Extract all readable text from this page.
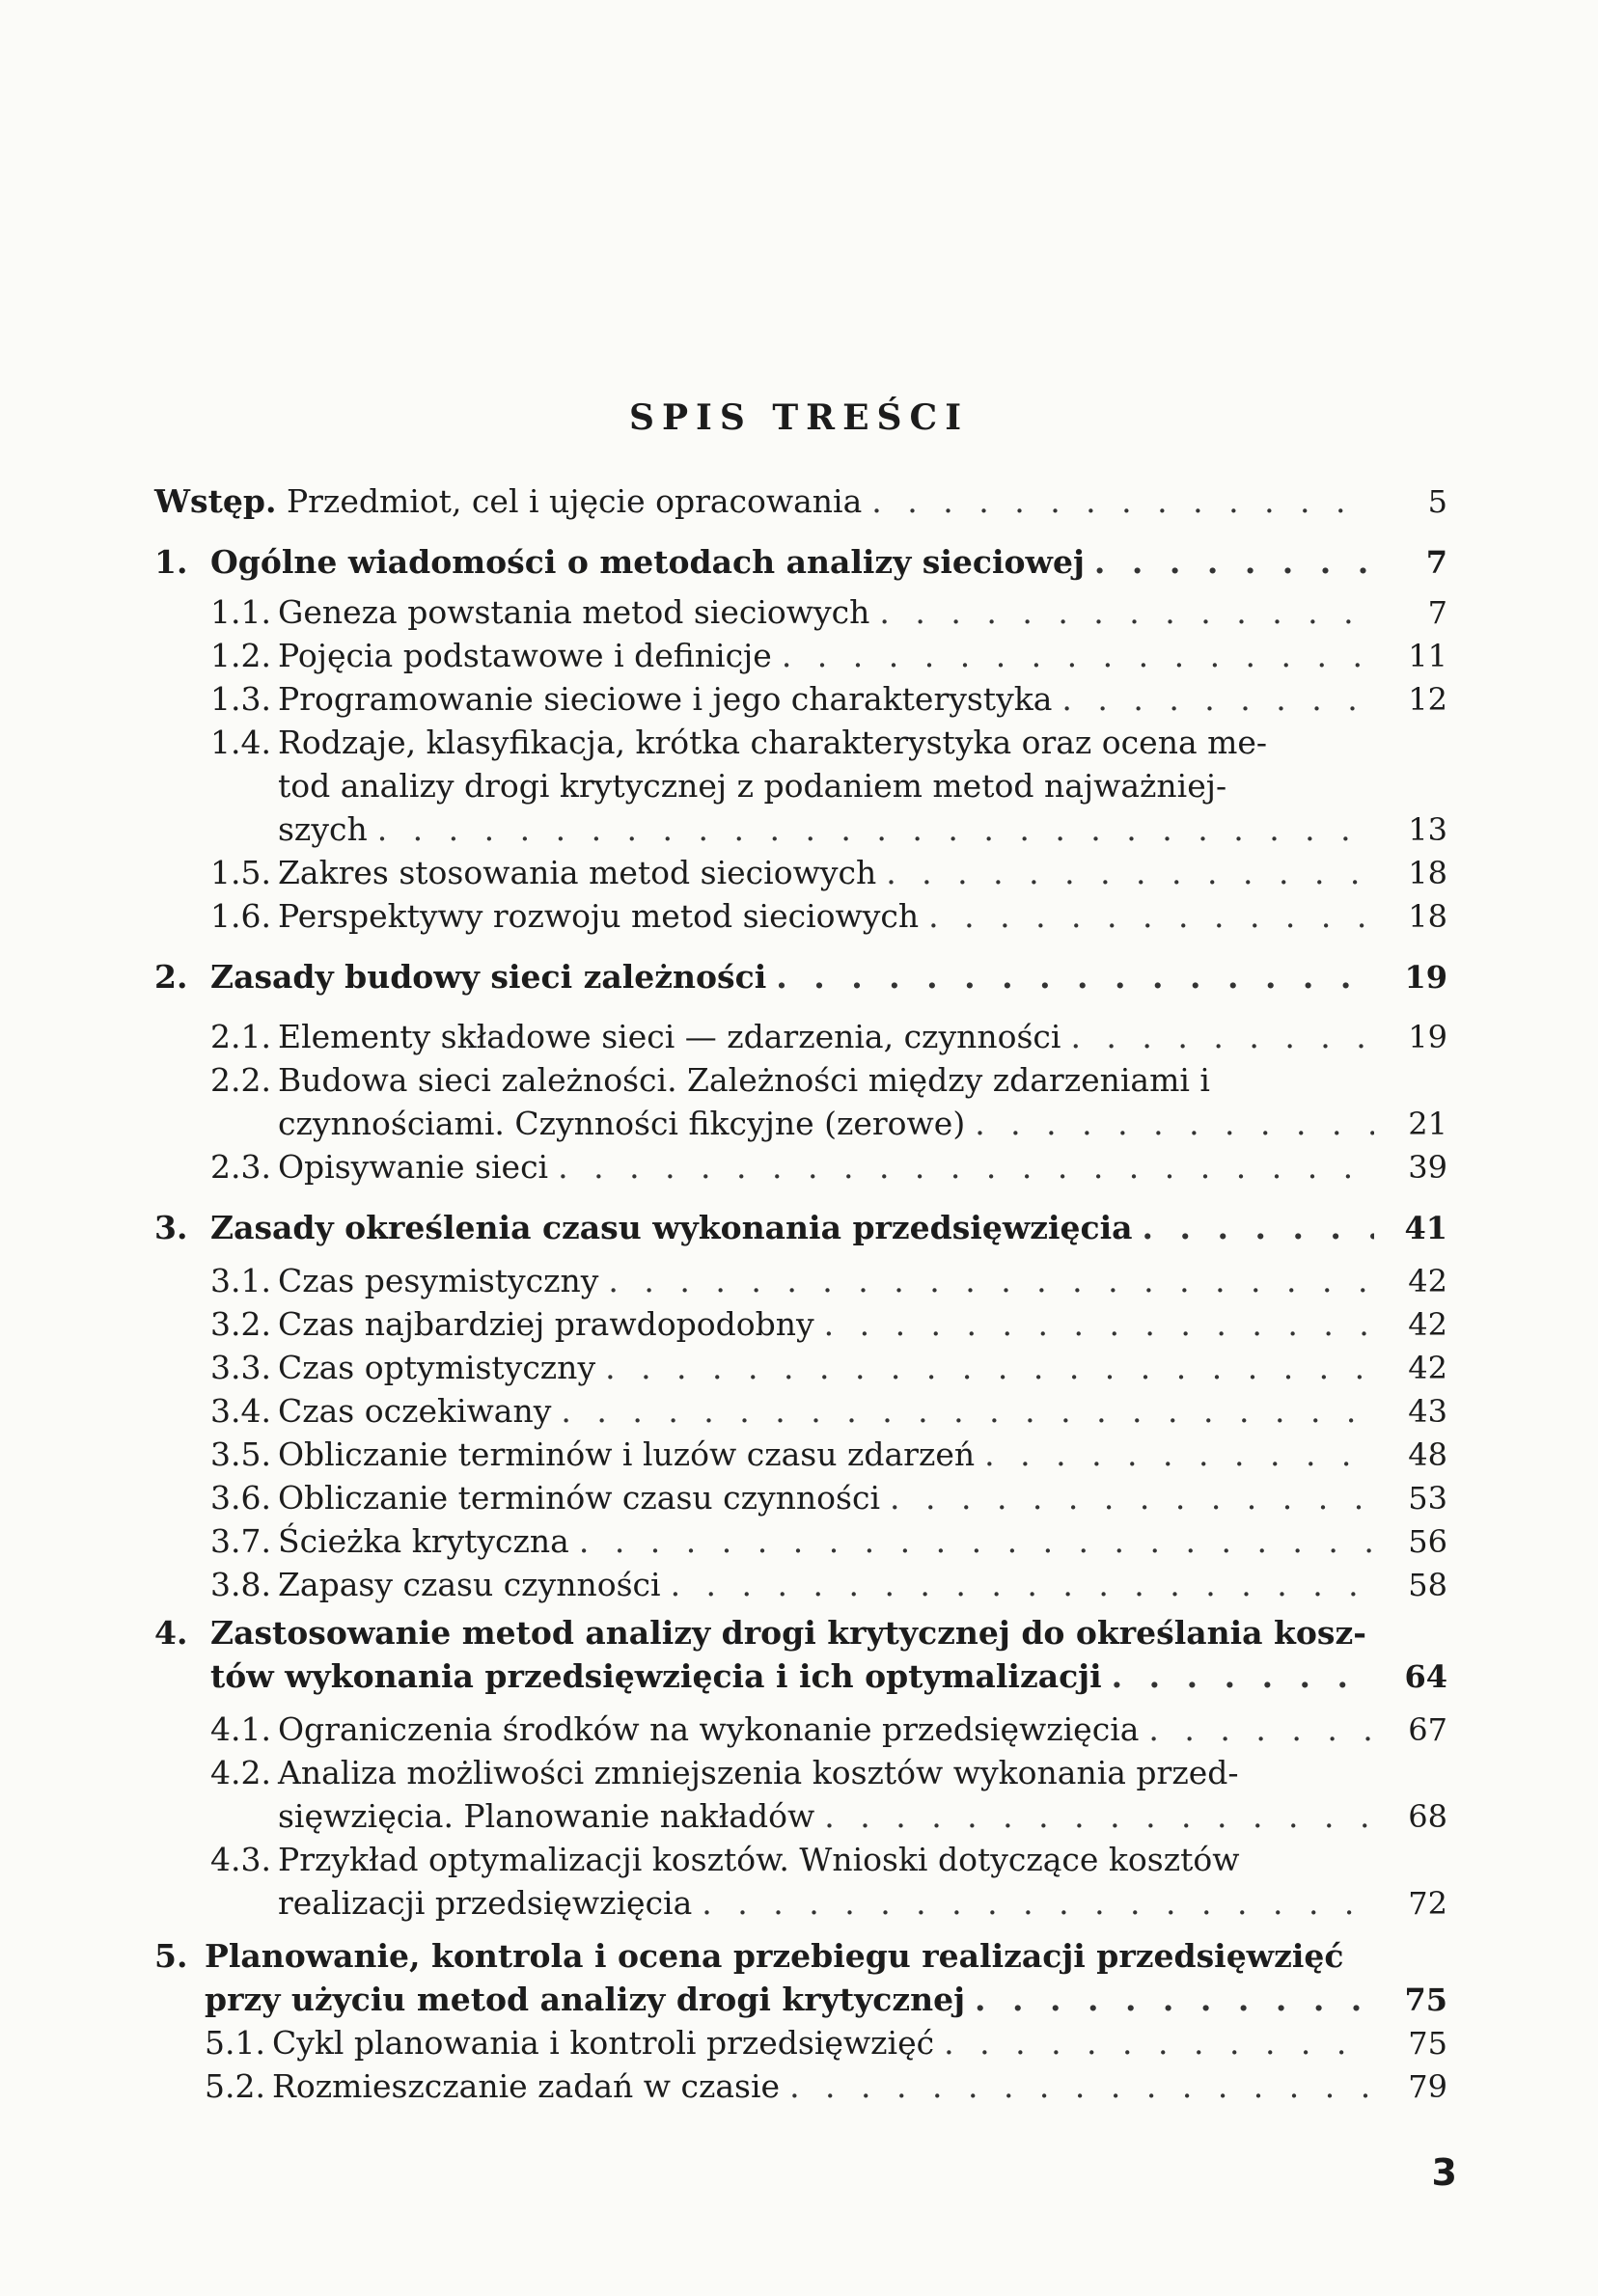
SPIS TREŚCI
Wstęp. Przedmiot, cel i ujęcie opracowania . . .	5
1. Ogólne wiadomości o metodach analizy sieciowej . . .	7
1.1. Geneza powstania metod sieciowych . . .	7
1.2. Pojęcia podstawowe i definicje . . .	11
1.3. Programowanie sieciowe i jego charakterystyka . . .	12
1.4. Rodzaje, klasyfikacja, krótka charakterystyka oraz ocena me-
tod analizy drogi krytycznej z podaniem metod najważniej-
szych . . .	13
1.5. Zakres stosowania metod sieciowych . . .	18
1.6. Perspektywy rozwoju metod sieciowych . . .	18
2. Zasady budowy sieci zależności . . .	19
2.1. Elementy składowe sieci — zdarzenia, czynności . . .	19
2.2. Budowa sieci zależności. Zależności między zdarzeniami i
czynnościami. Czynności fikcyjne (zerowe) . . .	21
2.3. Opisywanie sieci . . .	39
3. Zasady określenia czasu wykonania przedsięwzięcia . . .	41
3.1. Czas pesymistyczny . . .	42
3.2. Czas najbardziej prawdopodobny . . .	42
3.3. Czas optymistyczny . . .	42
3.4. Czas oczekiwany . . .	43
3.5. Obliczanie terminów i luzów czasu zdarzeń . . .	48
3.6. Obliczanie terminów czasu czynności . . .	53
3.7. Ścieżka krytyczna . . .	56
3.8. Zapasy czasu czynności . . .	58
4. Zastosowanie metod analizy drogi krytycznej do określania kosz-
tów wykonania przedsięwzięcia i ich optymalizacji . . .	64
4.1. Ograniczenia środków na wykonanie przedsięwzięcia . . .	67
4.2. Analiza możliwości zmniejszenia kosztów wykonania przed-
sięwzięcia. Planowanie nakładów . . .	68
4.3. Przykład optymalizacji kosztów. Wnioski dotyczące kosztów
realizacji przedsięwzięcia . . .	72
5. Planowanie, kontrola i ocena przebiegu realizacji przedsięwzięć
przy użyciu metod analizy drogi krytycznej . . .	75
5.1. Cykl planowania i kontroli przedsięwzięć . . .	75
5.2. Rozmieszczanie zadań w czasie . . .	79
3
